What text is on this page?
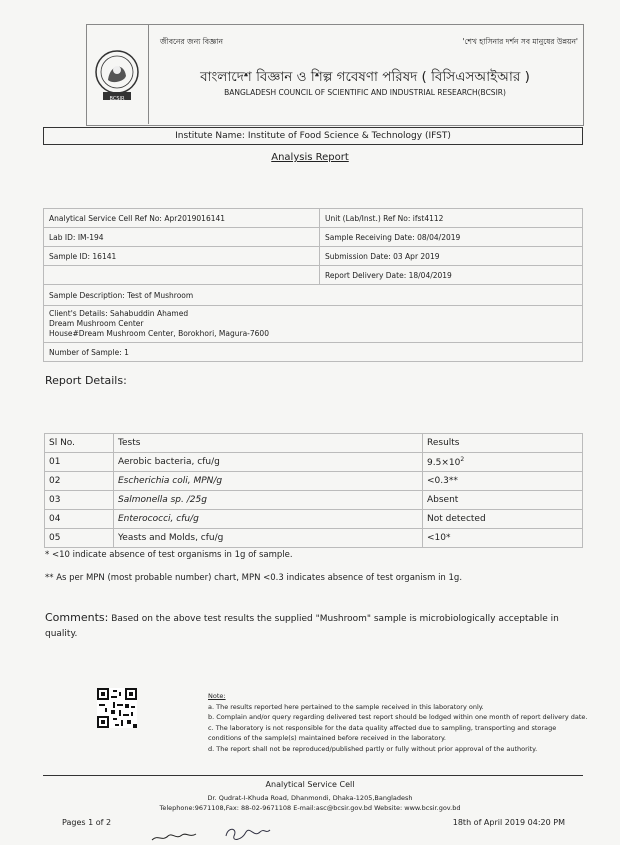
BCSIR
জীবনের জন্য বিজ্ঞান	'শেখ হাসিনার দর্শন সব মানুষের উন্নয়ন'
বাংলাদেশ বিজ্ঞান ও শিল্প গবেষণা পরিষদ ( বিসিএসআইআর )
BANGLADESH COUNCIL OF SCIENTIFIC AND INDUSTRIAL RESEARCH(BCSIR)
Institute Name: Institute of Food Science & Technology (IFST)
Analysis Report
Analytical Service Cell Ref No: Apr2019016141	Unit (Lab/Inst.) Ref No: ifst4112
Lab ID: IM-194	Sample Receiving Date: 08/04/2019
Sample ID: 16141	Submission Date: 03 Apr 2019
	Report Delivery Date: 18/04/2019
Sample Description: Test of Mushroom	

Client's Details: Sahabuddin Ahamed
Dream Mushroom Center
House#Dream Mushroom Center, Borokhori, Magura-7600	

Number of Sample: 1	
Report Details:
Sl No.	Tests	Results
01	Aerobic bacteria, cfu/g	$9.5\times 10^2$
02	Escherichia coli, MPN/g	<0.3**
03	Salmonella sp. /25g	Absent
04	Enterococci, cfu/g	Not detected
05	Yeasts and Molds, cfu/g	<10*
* <10 indicate absence of test organisms in 1g of sample.
** As per MPN (most probable number) chart, MPN <0.3 indicates absence of test organism in 1g.
Comments: Based on the above test results the supplied "Mushroom" sample is microbiologically acceptable in quality.
Note:
a. The results reported here pertained to the sample received in this laboratory only.
b. Complain and/or query regarding delivered test report should be lodged within one month of report delivery date.
c. The laboratory is not responsible for the data quality affected due to sampling, transporting and storage conditions of the sample(s) maintained before received in the laboratory.
d. The report shall not be reproduced/published partly or fully without prior approval of the authority.
Analytical Service Cell
Dr. Qudrat-I-Khuda Road, Dhanmondi, Dhaka-1205,Bangladesh
Telephone:9671108,Fax: 88-02-9671108 E-mail:asc@bcsir.gov.bd Website: www.bcsir.gov.bd
Pages 1 of 2	18th of April 2019 04:20 PM
